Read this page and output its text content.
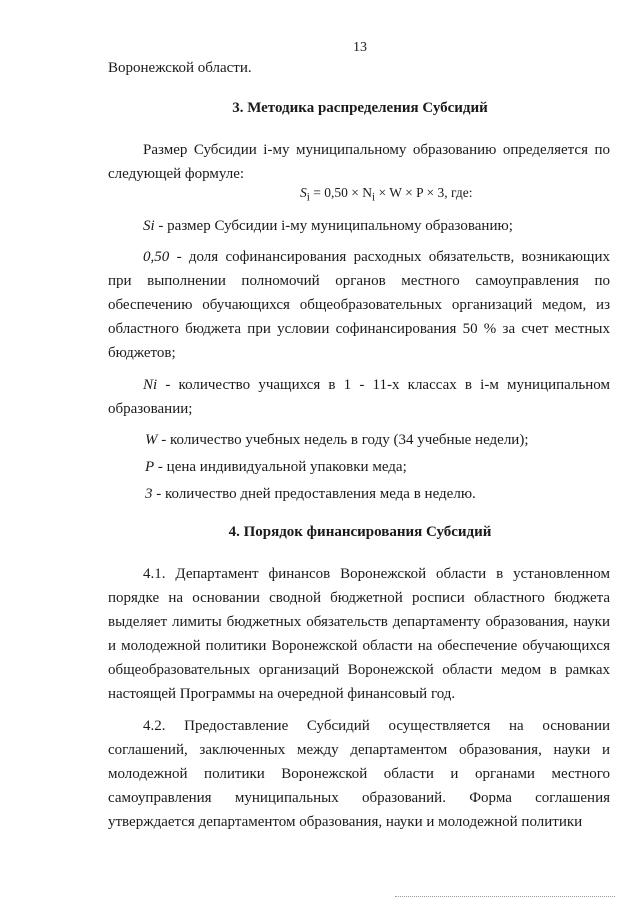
13
Воронежской области.
3. Методика распределения Субсидий
Размер Субсидии i-му муниципальному образованию определяется по следующей формуле:
$S_i = 0,50 \times N_i \times W \times P \times 3$, где:
Si - размер Субсидии i-му муниципальному образованию;
0,50 - доля софинансирования расходных обязательств, возникающих при выполнении полномочий органов местного самоуправления по обеспечению обучающихся общеобразовательных организаций медом, из областного бюджета при условии софинансирования 50 % за счет местных бюджетов;
Ni - количество учащихся в 1 - 11-х классах в i-м муниципальном образовании;
W - количество учебных недель в году (34 учебные недели);
P - цена индивидуальной упаковки меда;
3 - количество дней предоставления меда в неделю.
4. Порядок финансирования Субсидий
4.1. Департамент финансов Воронежской области в установленном порядке на основании сводной бюджетной росписи областного бюджета выделяет лимиты бюджетных обязательств департаменту образования, науки и молодежной политики Воронежской области на обеспечение обучающихся общеобразовательных организаций Воронежской области медом в рамках настоящей Программы на очередной финансовый год.
4.2. Предоставление Субсидий осуществляется на основании соглашений, заключенных между департаментом образования, науки и молодежной политики Воронежской области и органами местного самоуправления муниципальных образований. Форма соглашения утверждается департаментом образования, науки и молодежной политики
